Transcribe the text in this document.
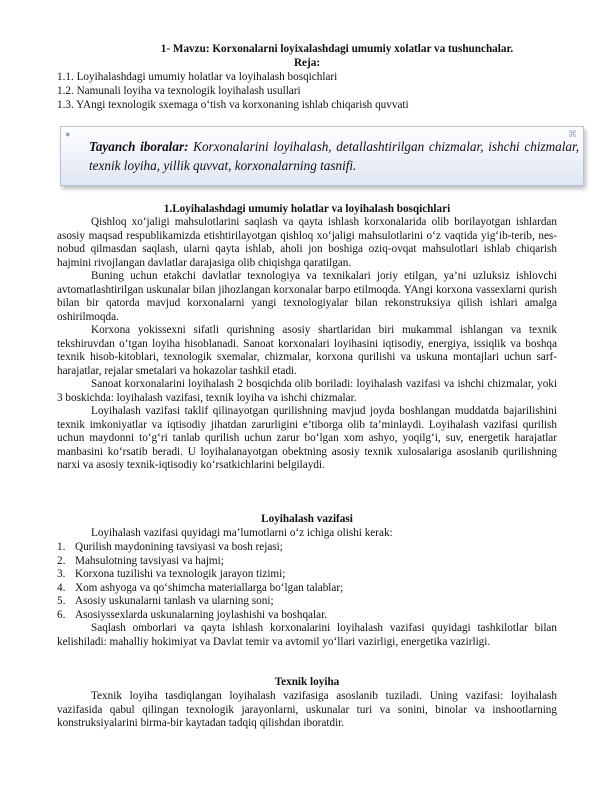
1- Mavzu: Korxonalarni loyixalashdagi umumiy xolatlar va tushunchalar.
Reja:
1.1. Loyihalashdagi umumiy holatlar va loyihalash bosqichlari
1.2. Namunali loyiha va texnologik loyihalash usullari
1.3. YAngi texnologik sxemaga o‘tish va korxonaning ishlab chiqarish quvvati
●	⌘
Tayanch iboralar: Korxonalarini loyihalash, detallashtirilgan chizmalar, ishchi chizmalar, texnik loyiha, yillik quvvat, korxonalarning tasnifi.
1.Loyihalashdagi umumiy holatlar va loyihalash bosqichlari
Qishloq xo‘jaligi mahsulotlarini saqlash va qayta ishlash korxonalarida olib borilayotgan ishlardan asosiy maqsad respublikamizda etishtirilayotgan qishloq xo‘jaligi mahsulotlarini o‘z vaqtida yig‘ib-terib, nes-nobud qilmasdan saqlash, ularni qayta ishlab, aholi jon boshiga oziq-ovqat mahsulotlari ishlab chiqarish hajmini rivojlangan davlatlar darajasiga olib chiqishga qaratilgan.
Buning uchun etakchi davlatlar texnologiya va texnikalari joriy etilgan, ya’ni uzluksiz ishlovchi avtomatlashtirilgan uskunalar bilan jihozlangan korxonalar barpo etilmoqda. YAngi korxona vassexlarni qurish bilan bir qatorda mavjud korxonalarni yangi texnologiyalar bilan rekonstruksiya qilish ishlari amalga oshirilmoqda.
Korxona yokissexni sifatli qurishning asosiy shartlaridan biri mukammal ishlangan va texnik tekshiruvdan o‘tgan loyiha hisoblanadi. Sanoat korxonalari loyihasini iqtisodiy, energiya, issiqlik va boshqa texnik hisob-kitoblari, texnologik sxemalar, chizmalar, korxona qurilishi va uskuna montajlari uchun sarf-harajatlar, rejalar smetalari va hokazolar tashkil etadi.
Sanoat korxonalarini loyihalash 2 bosqichda olib boriladi: loyihalash vazifasi va ishchi chizmalar, yoki 3 boskichda: loyihalash vazifasi, texnik loyiha va ishchi chizmalar.
Loyihalash vazifasi taklif qilinayotgan qurilishning mavjud joyda boshlangan muddatda bajarilishini texnik imkoniyatlar va iqtisodiy jihatdan zarurligini e’tiborga olib ta’minlaydi. Loyihalash vazifasi qurilish uchun maydonni to‘g‘ri tanlab qurilish uchun zarur bo‘lgan xom ashyo, yoqilg‘i, suv, energetik harajatlar manbasini ko‘rsatib beradi. U loyihalanayotgan obektning asosiy texnik xulosalariga asoslanib qurilishning narxi va asosiy texnik-iqtisodiy ko‘rsatkichlarini belgilaydi.
Loyihalash vazifasi
Loyihalash vazifasi quyidagi ma’lumotlarni o‘z ichiga olishi kerak:
1. Qurilish maydonining tavsiyasi va bosh rejasi;
2. Mahsulotning tavsiyasi va hajmi;
3. Korxona tuzilishi va texnologik jarayon tizimi;
4. Xom ashyoga va qo‘shimcha materiallarga bo‘lgan talablar;
5. Asosiy uskunalarni tanlash va ularning soni;
6. Asosiyssexlarda uskunalarning joylashishi va boshqalar.
Saqlash omborlari va qayta ishlash korxonalarini loyihalash vazifasi quyidagi tashkilotlar bilan kelishiladi: mahalliy hokimiyat va Davlat temir va avtomil yo‘llari vazirligi, energetika vazirligi.
Texnik loyiha
Texnik loyiha tasdiqlangan loyihalash vazifasiga asoslanib tuziladi. Uning vazifasi: loyihalash vazifasida qabul qilingan texnologik jarayonlarni, uskunalar turi va sonini, binolar va inshootlarning konstruksiyalarini birma-bir kaytadan tadqiq qilishdan iboratdir.
